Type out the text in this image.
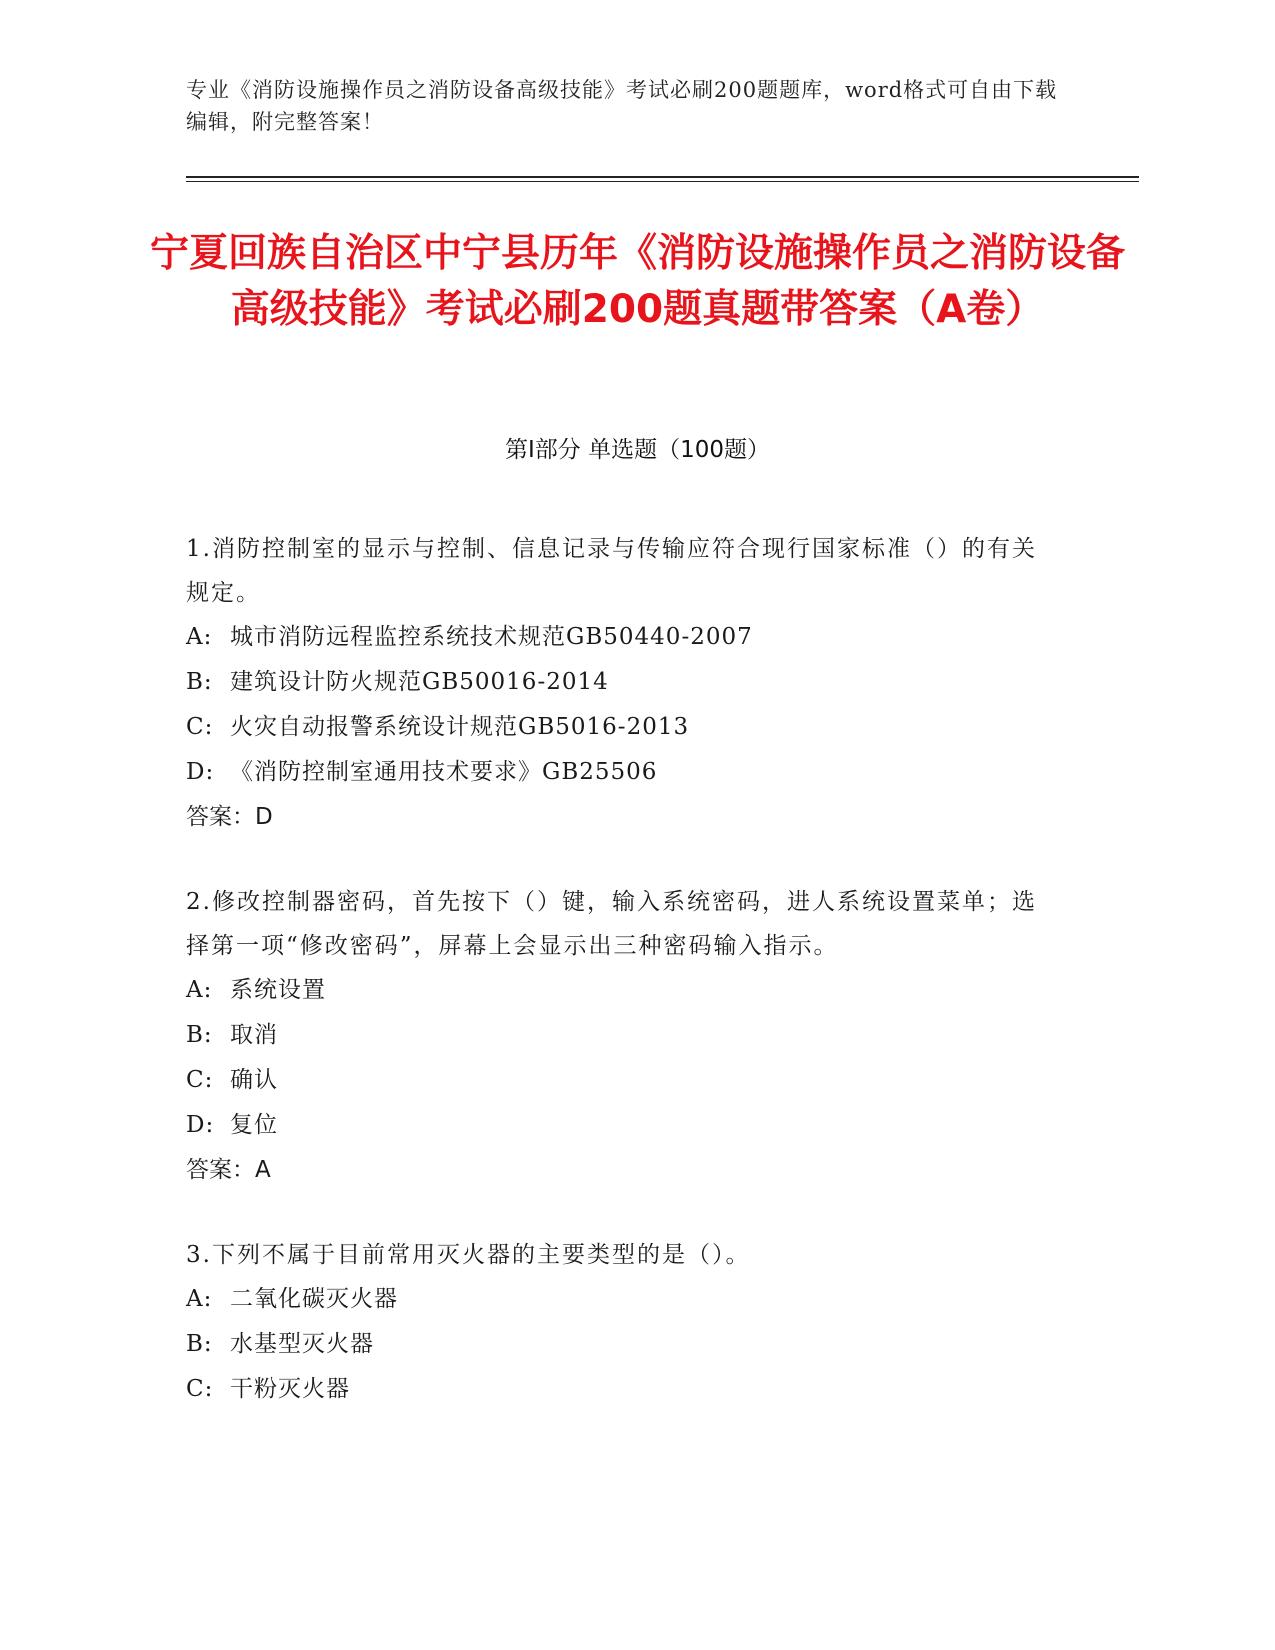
专业《消防设施操作员之消防设备高级技能》考试必刷200题题库，word格式可自由下载编辑，附完整答案！
宁夏回族自治区中宁县历年《消防设施操作员之消防设备高级技能》考试必刷200题真题带答案（A卷）
第I部分 单选题（100题）
1.消防控制室的显示与控制、信息记录与传输应符合现行国家标准（）的有关规定。
A: 城市消防远程监控系统技术规范GB50440-2007
B: 建筑设计防火规范GB50016-2014
C: 火灾自动报警系统设计规范GB5016-2013
D: 《消防控制室通用技术要求》GB25506
答案：D
2.修改控制器密码，首先按下（）键，输入系统密码，进人系统设置菜单；选择第一项“修改密码”，屏幕上会显示出三种密码输入指示。
A: 系统设置
B: 取消
C: 确认
D: 复位
答案：A
3.下列不属于目前常用灭火器的主要类型的是（）。
A: 二氧化碳灭火器
B: 水基型灭火器
C: 干粉灭火器
